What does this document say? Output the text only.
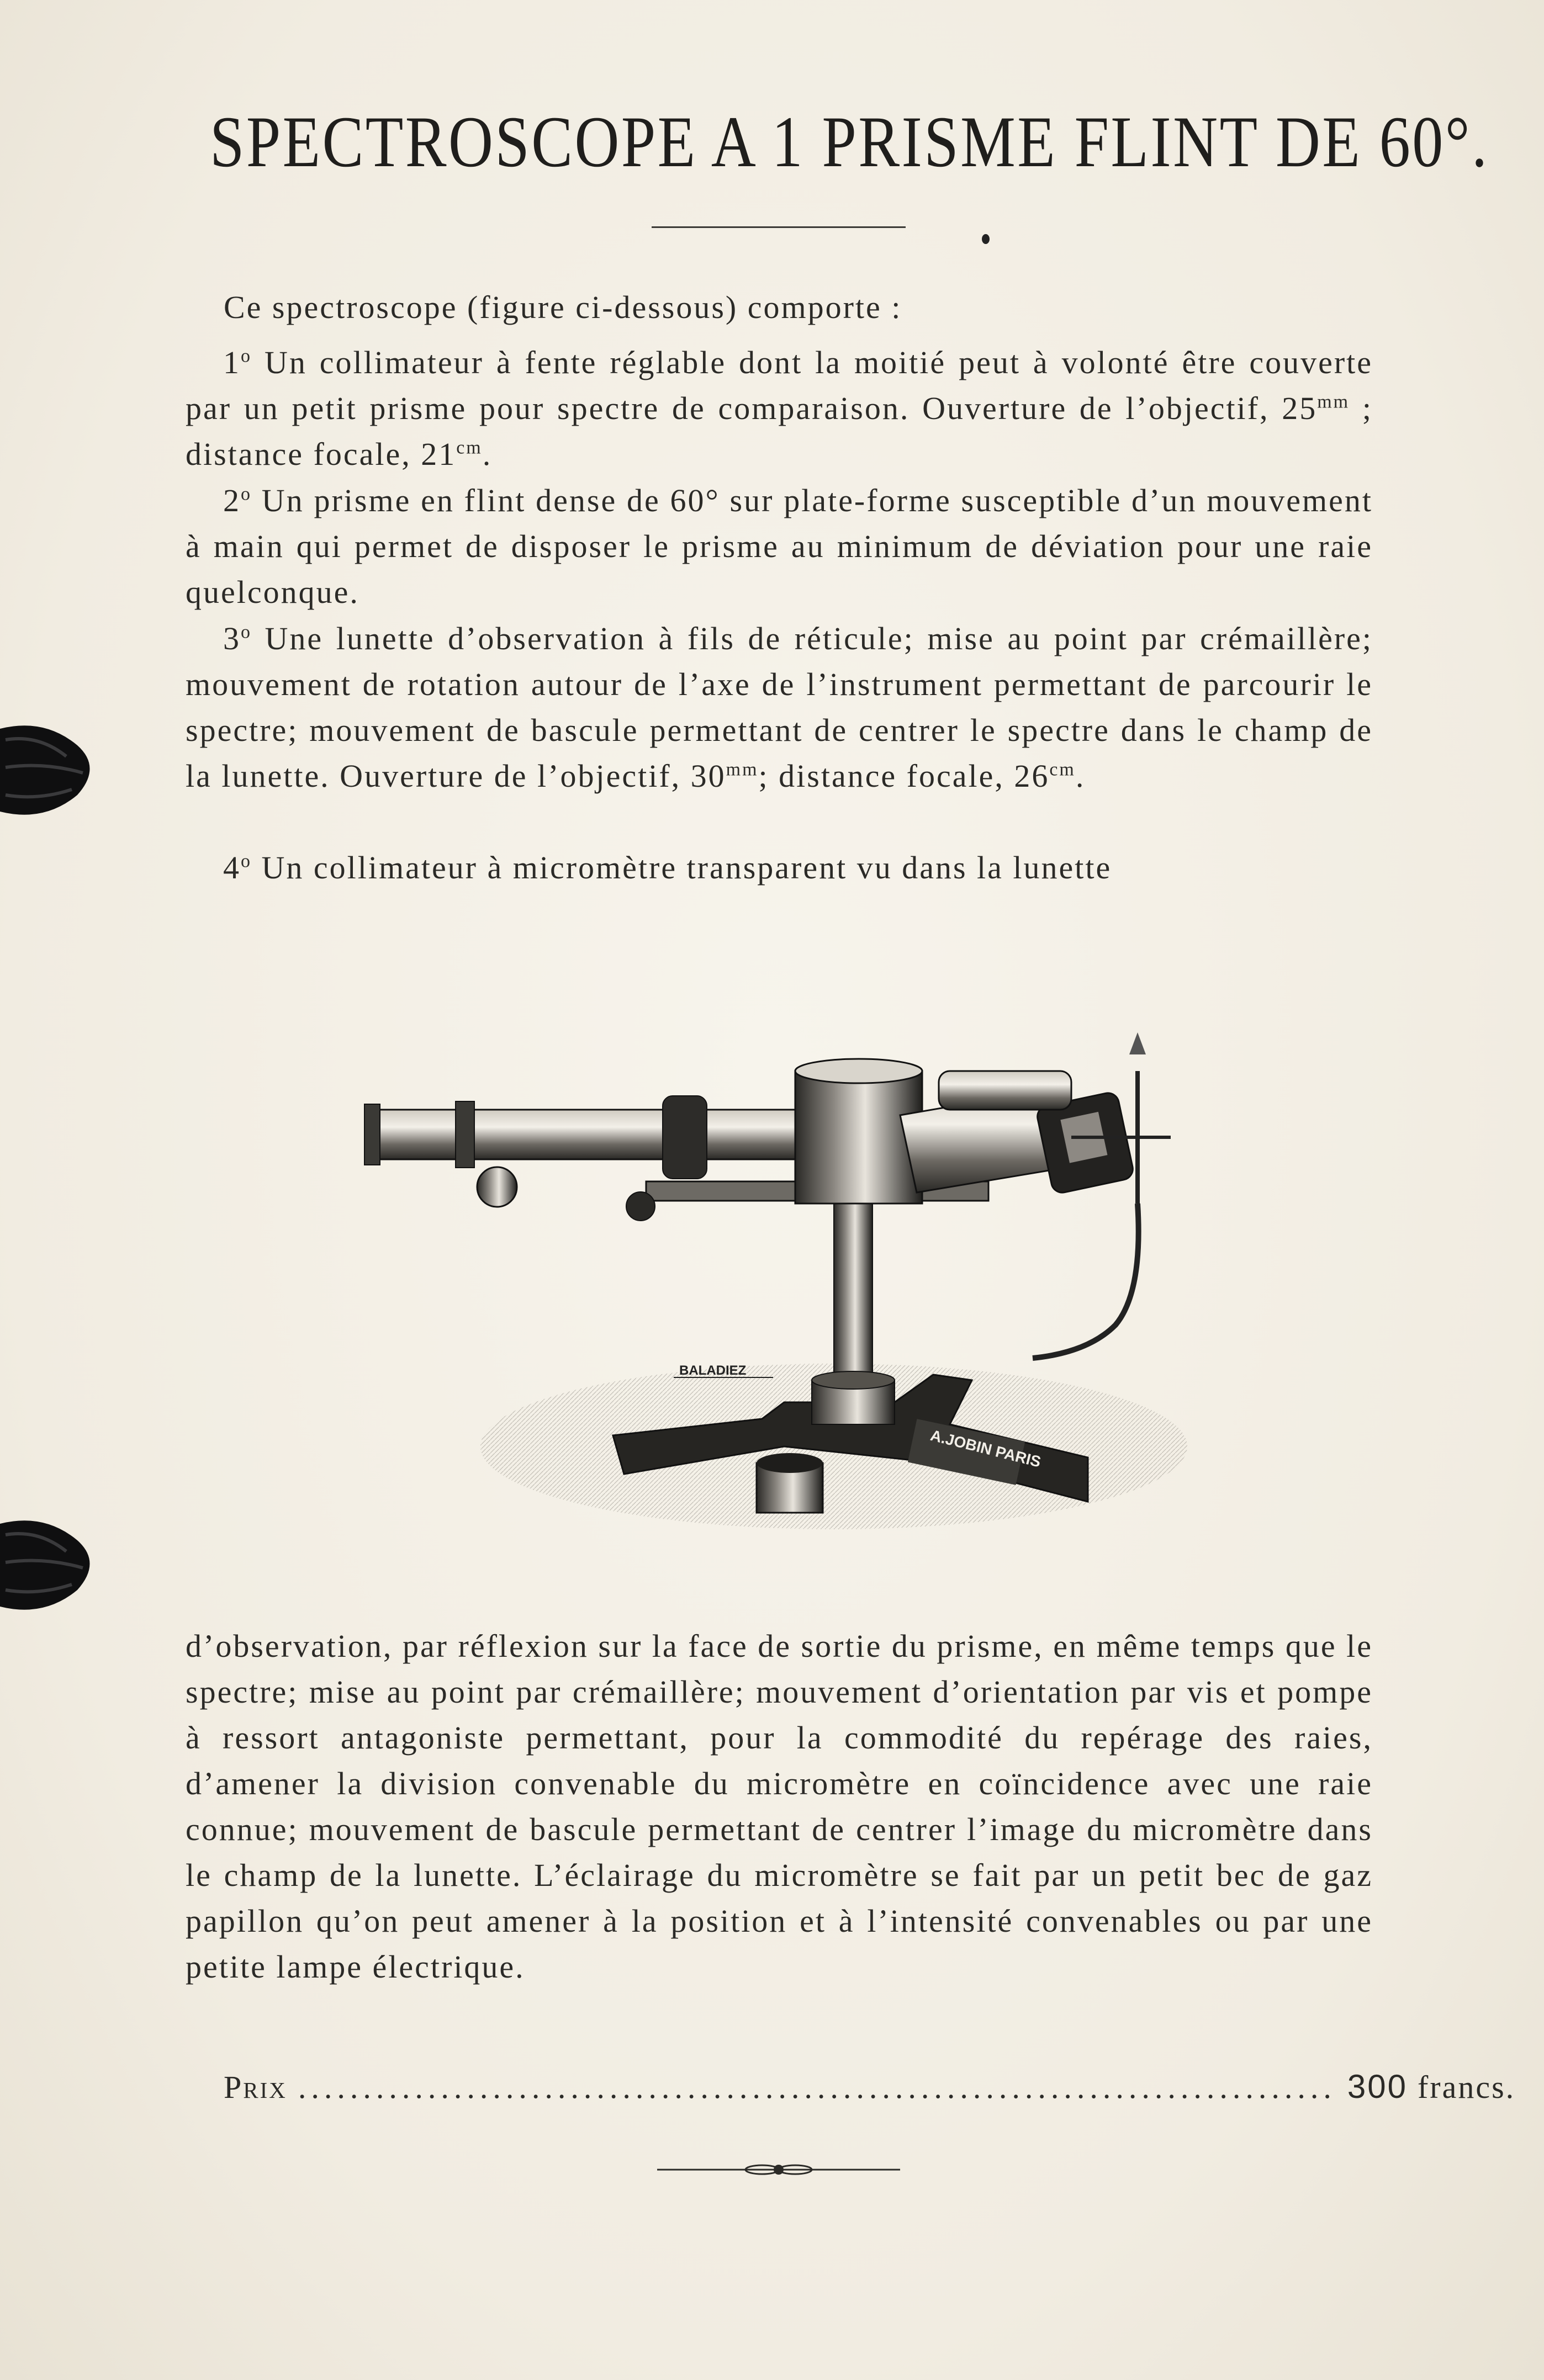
SPECTROSCOPE A 1 PRISME FLINT DE 60°.
Ce spectroscope (figure ci-dessous) comporte :
1$^o$ Un collimateur à fente réglable dont la moitié peut à volonté être couverte par un petit prisme pour spectre de comparaison. Ouverture de l’objectif, $25^{mm}$ ; distance focale, $21^{cm}$.
2$^o$ Un prisme en flint dense de 60° sur plate-forme susceptible d’un mouvement à main qui permet de disposer le prisme au minimum de déviation pour une raie quelconque.
3$^o$ Une lunette d’observation à fils de réticule; mise au point par crémaillère; mouvement de rotation autour de l’axe de l’instrument permettant de parcourir le spectre; mouvement de bascule permettant de centrer le spectre dans le champ de la lunette. Ouverture de l’objectif, $30^{mm}$; distance focale, $26^{cm}$.
4$^o$ Un collimateur à micromètre transparent vu dans la lunette
A.JOBIN PARIS
BALADIEZ
d’observation, par réflexion sur la face de sortie du prisme, en même temps que le spectre; mise au point par crémaillère; mouvement d’orientation par vis et pompe à ressort antagoniste permettant, pour la commodité du repérage des raies, d’amener la division convenable du micromètre en coïncidence avec une raie connue; mouvement de bascule permettant de centrer l’image du micromètre dans le champ de la lunette. L’éclairage du micromètre se fait par un petit bec de gaz papillon qu’on peut amener à la position et à l’intensité convenables ou par une petite lampe électrique.
Prix ................................................................................ 300 francs.
